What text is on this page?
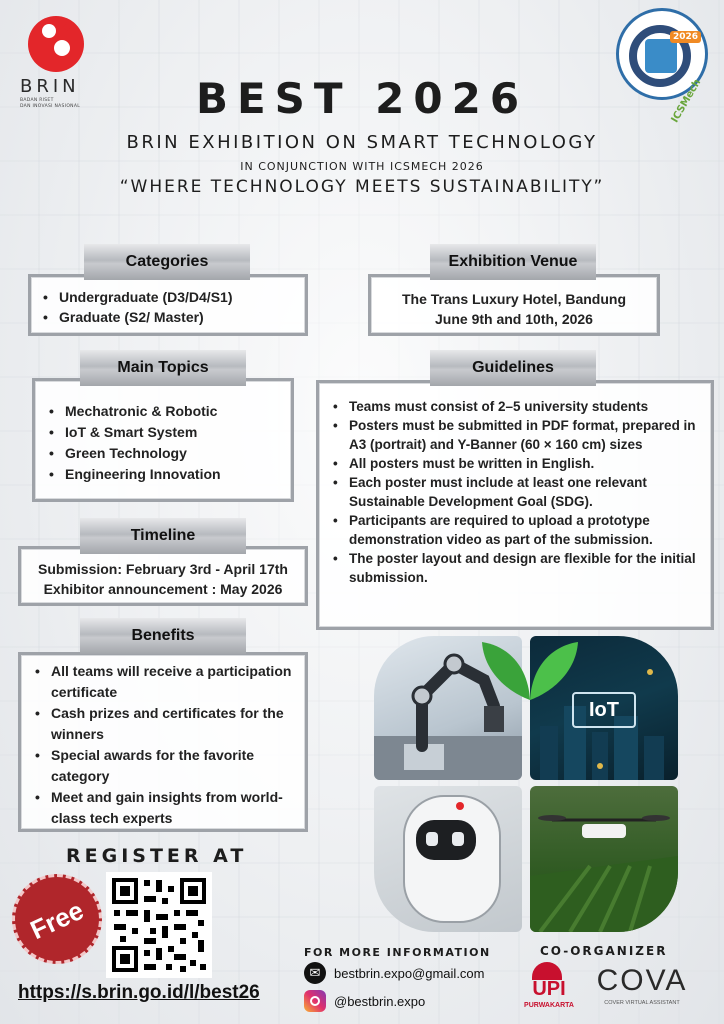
✦
BRIN
BADAN RISET
DAN INOVASI NASIONAL
2026
ICSMech
BEST 2026
BRIN EXHIBITION ON SMART TECHNOLOGY
IN CONJUNCTION WITH ICSMECH 2026
“WHERE TECHNOLOGY MEETS SUSTAINABILITY”
• Undergraduate (D3/D4/S1)
• Graduate (S2/ Master)
Categories
The Trans Luxury Hotel, Bandung
June 9th and 10th, 2026
Exhibition Venue
• Mechatronic & Robotic
• IoT & Smart System
• Green Technology
• Engineering Innovation
Main Topics
• Teams must consist of 2–5 university students
• Posters must be submitted in PDF format, prepared in A3 (portrait) and Y-Banner (60 × 160 cm) sizes
• All posters must be written in English.
• Each poster must include at least one relevant Sustainable Development Goal (SDG).
• Participants are required to upload a prototype demonstration video as part of the submission.
• The poster layout and design are flexible for the initial submission.
Guidelines
Submission: February 3rd - April 17th
Exhibitor announcement : May 2026
Timeline
• All teams will receive a participation certificate
• Cash prizes and certificates for the winners
• Special awards for the favorite category
• Meet and gain insights from world-class tech experts
Benefits
IoT
REGISTER AT
Free
https://s.brin.go.id/l/best26
FOR MORE INFORMATION
✉	bestbrin.expo@gmail.com
@bestbrin.expo
CO-ORGANIZER
UPI
PURWAKARTA
COVA
COVER VIRTUAL ASSISTANT
